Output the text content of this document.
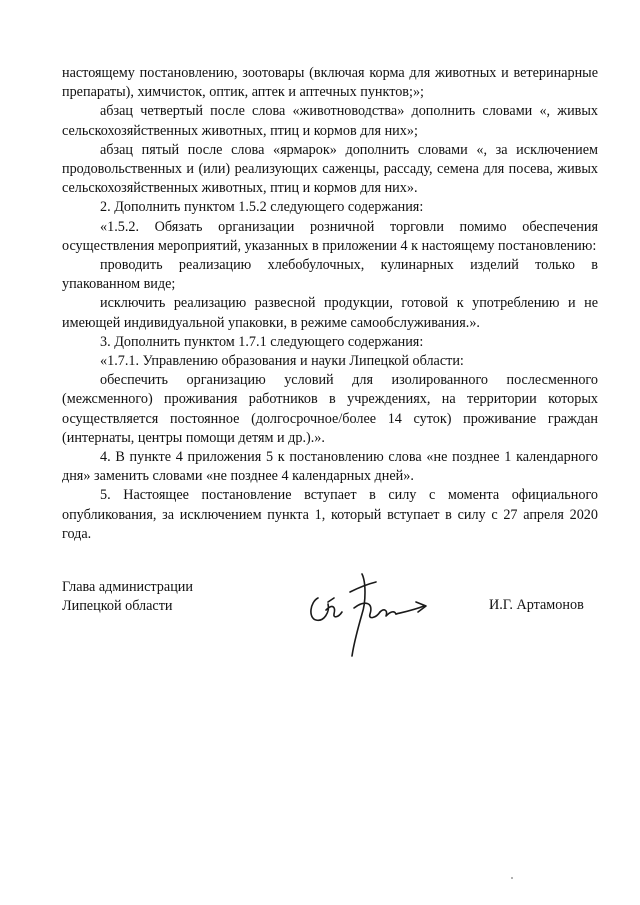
настоящему постановлению, зоотовары (включая корма для животных и ветеринарные препараты), химчисток, оптик, аптек и аптечных пунктов;»;

абзац четвертый после слова «животноводства» дополнить словами «, живых сельскохозяйственных животных, птиц и кормов для них»;

абзац пятый после слова «ярмарок» дополнить словами «, за исключением продовольственных и (или) реализующих саженцы, рассаду, семена для посева, живых сельскохозяйственных животных, птиц и кормов для них».

2. Дополнить пунктом 1.5.2 следующего содержания:

«1.5.2. Обязать организации розничной торговли помимо обеспечения осуществления мероприятий, указанных в приложении 4 к настоящему постановлению:

проводить реализацию хлебобулочных, кулинарных изделий только в упакованном виде;

исключить реализацию развесной продукции, готовой к употреблению и не имеющей индивидуальной упаковки, в режиме самообслуживания.».

3. Дополнить пунктом 1.7.1 следующего содержания:

«1.7.1. Управлению образования и науки Липецкой области:

обеспечить организацию условий для изолированного послесменного (межсменного) проживания работников в учреждениях, на территории которых осуществляется постоянное (долгосрочное/более 14 суток) проживание граждан (интернаты, центры помощи детям и др.).».

4. В пункте 4 приложения 5 к постановлению слова «не позднее 1 календарного дня» заменить словами «не позднее 4 календарных дней».

5. Настоящее постановление вступает в силу с момента официального опубликования, за исключением пункта 1, который вступает в силу с 27 апреля 2020 года.

Глава администрации
Липецкой области	И.Г. Артамонов
